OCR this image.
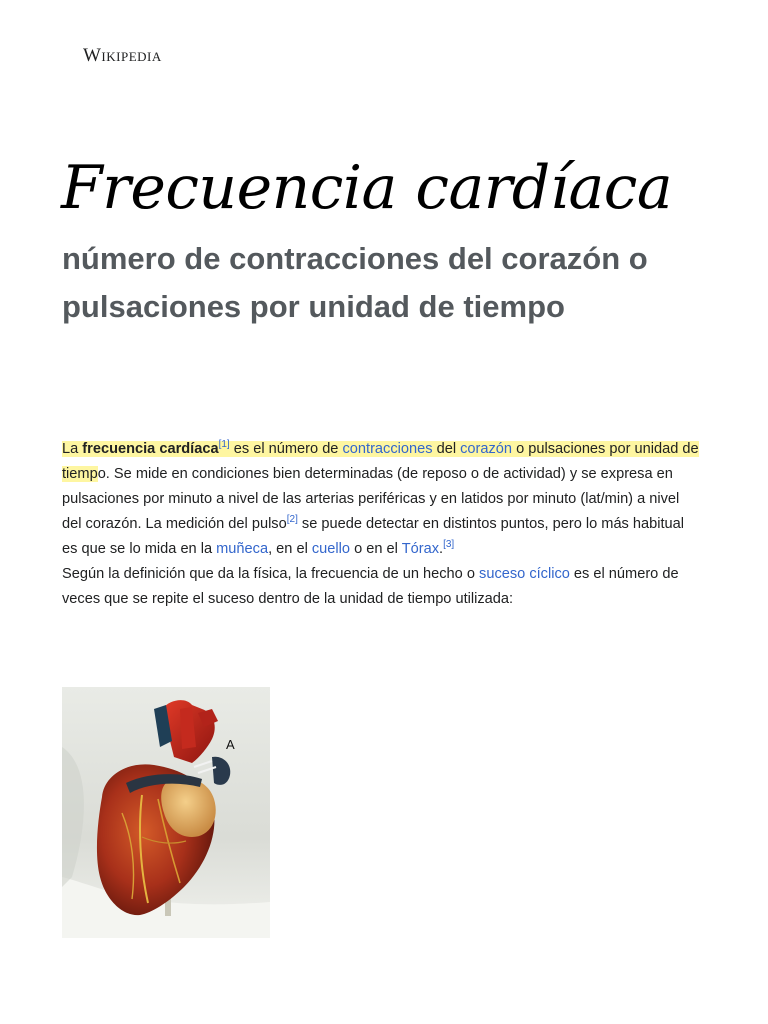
Wikipedia
Frecuencia cardíaca
número de contracciones del corazón o pulsaciones por unidad de tiempo

La frecuencia cardíaca[1] es el número de contracciones del corazón o pulsaciones por unidad de tiempo. Se mide en condiciones bien determinadas (de reposo o de actividad) y se expresa en pulsaciones por minuto a nivel de las arterias periféricas y en latidos por minuto (lat/min) a nivel del corazón. La medición del pulso[2] se puede detectar en distintos puntos, pero lo más habitual es que se lo mida en la muñeca, en el cuello o en el Tórax.[3]

Según la definición que da la física, la frecuencia de un hecho o suceso cíclico es el número de veces que se repite el suceso dentro de la unidad de tiempo utilizada:

A
